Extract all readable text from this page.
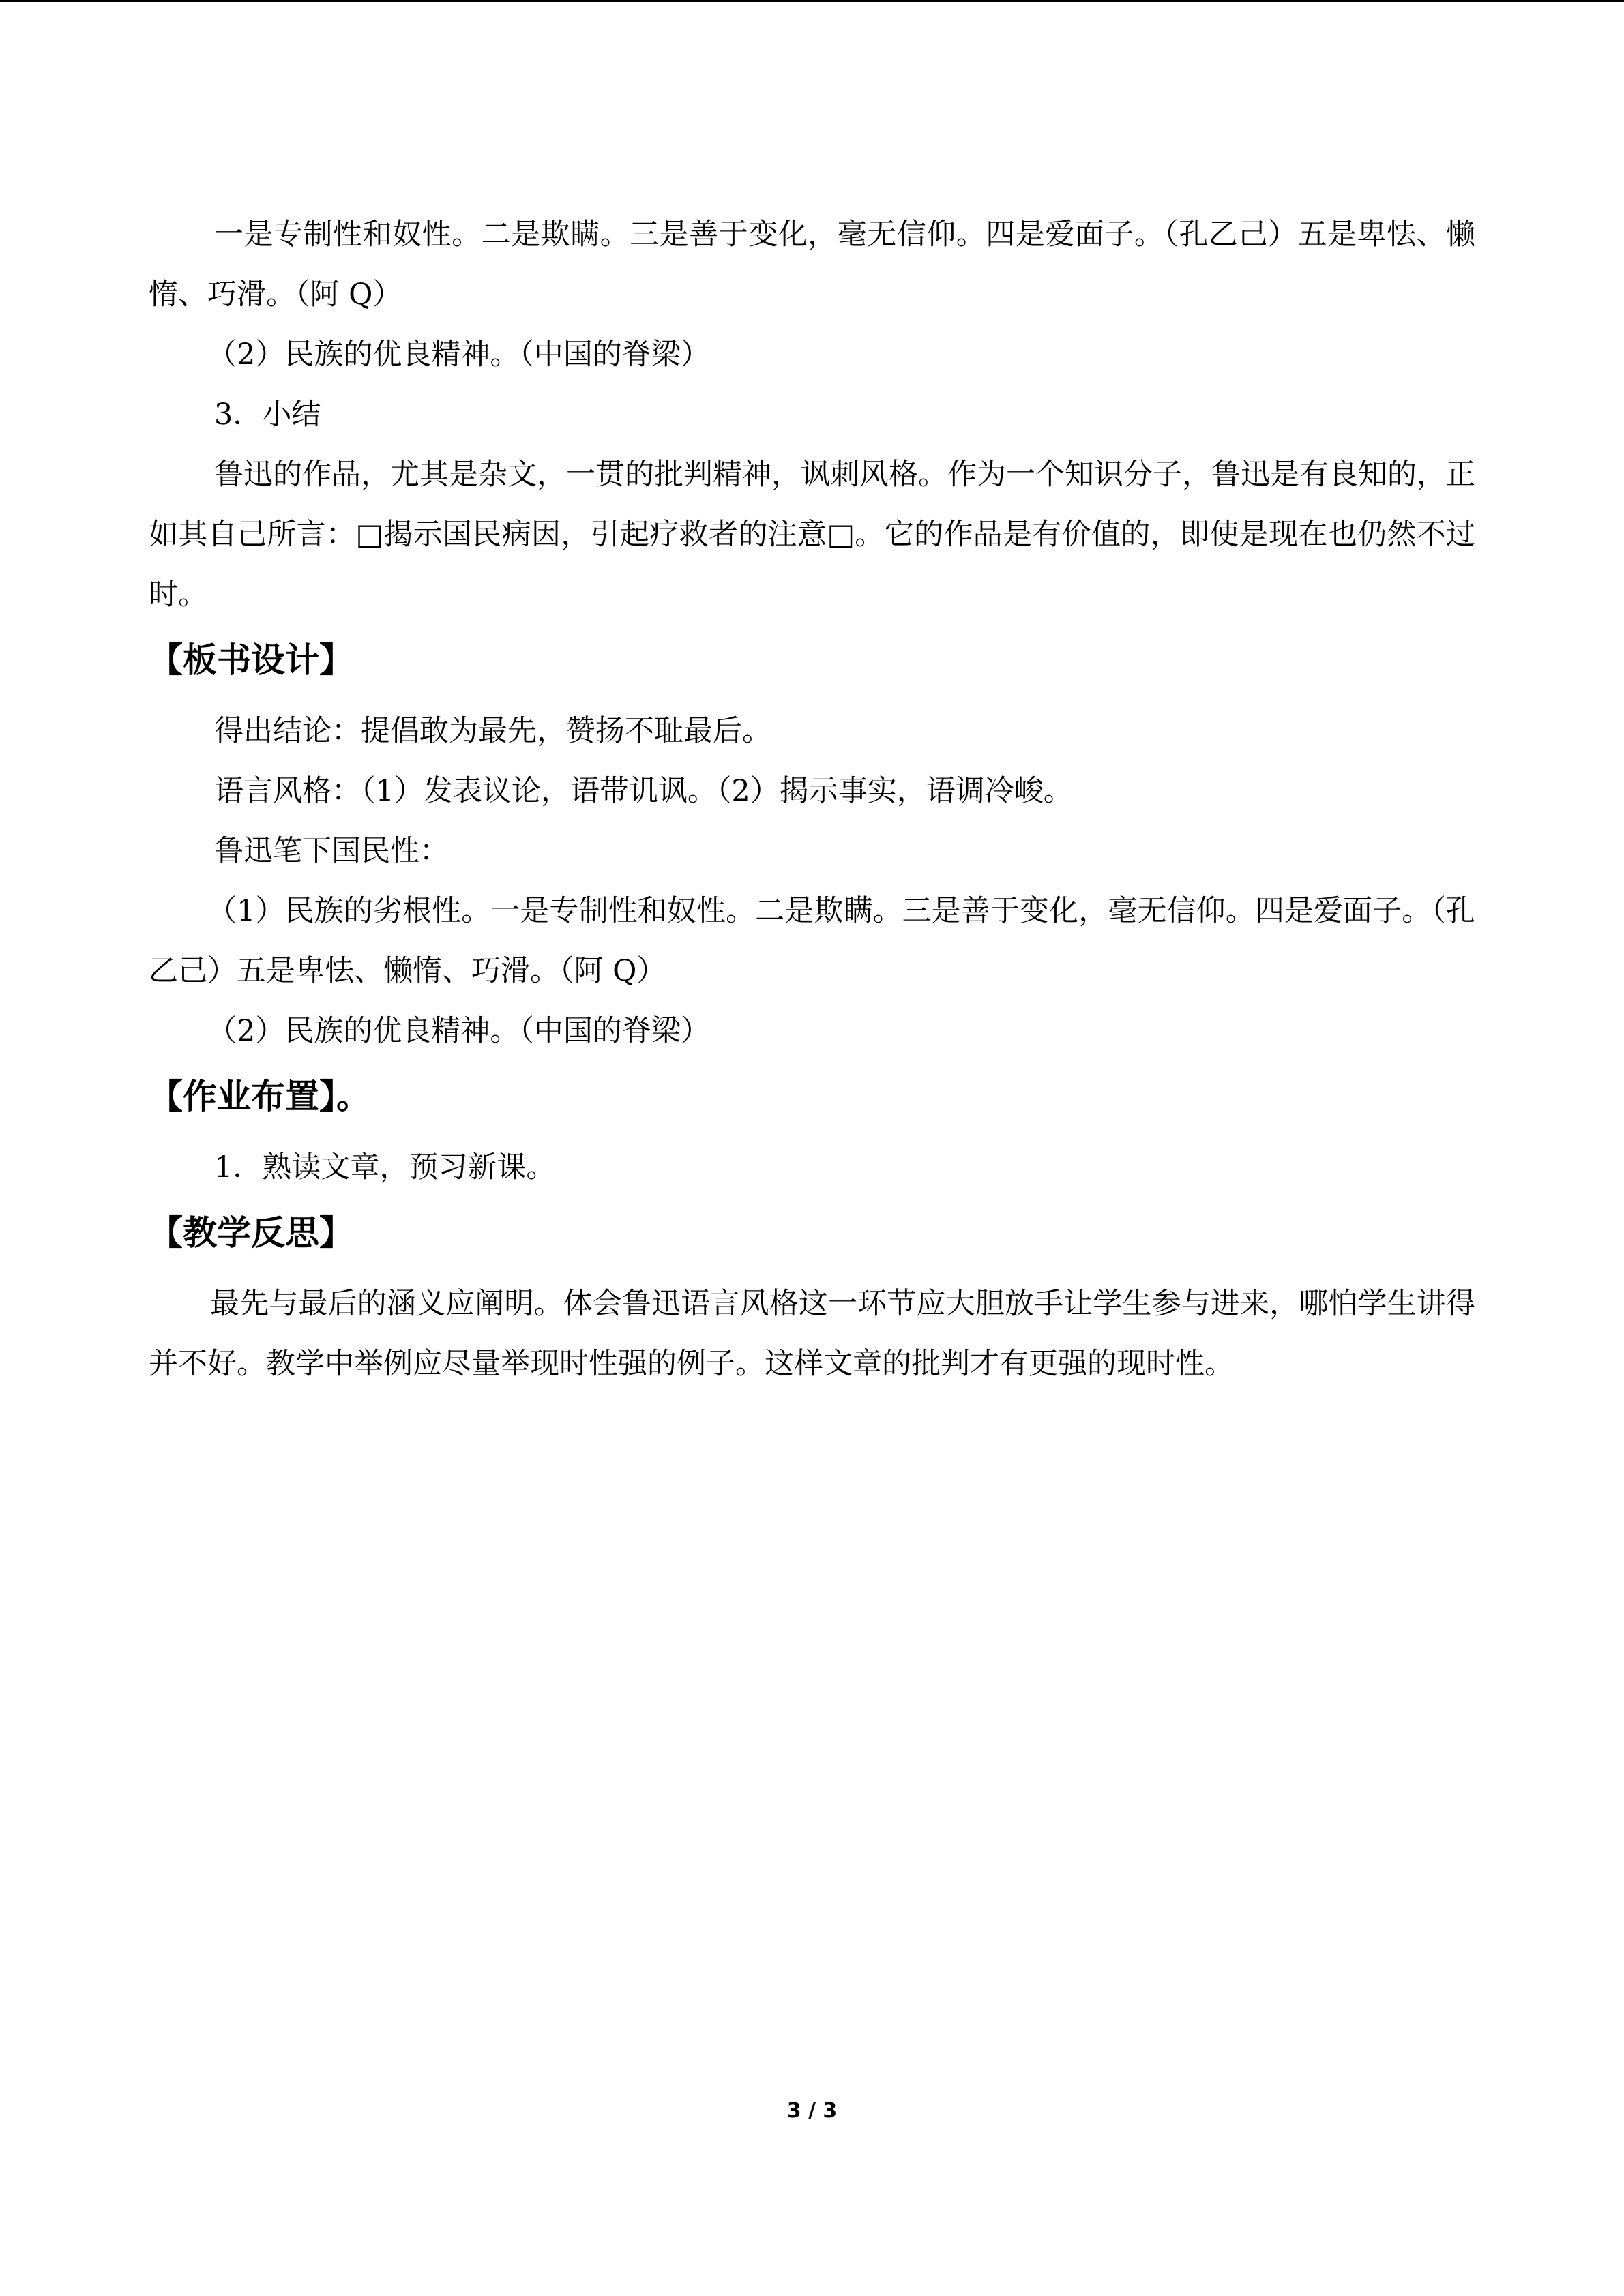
一是专制性和奴性。二是欺瞒。三是善于变化，毫无信仰。四是爱面子。（孔乙己）五是卑怯、懒惰、巧滑。（阿 Q）

（2）民族的优良精神。（中国的脊梁）

3．小结

鲁迅的作品，尤其是杂文，一贯的批判精神，讽刺风格。作为一个知识分子，鲁迅是有良知的，正如其自己所言：□揭示国民病因，引起疗救者的注意□。它的作品是有价值的，即使是现在也仍然不过时。

【板书设计】

得出结论：提倡敢为最先，赞扬不耻最后。

语言风格：（1）发表议论，语带讥讽。（2）揭示事实，语调冷峻。

鲁迅笔下国民性：

（1）民族的劣根性。一是专制性和奴性。二是欺瞒。三是善于变化，毫无信仰。四是爱面子。（孔乙己）五是卑怯、懒惰、巧滑。（阿 Q）

（2）民族的优良精神。（中国的脊梁）

【作业布置】。

1．熟读文章，预习新课。

【教学反思】

最先与最后的涵义应阐明。体会鲁迅语言风格这一环节应大胆放手让学生参与进来，哪怕学生讲得并不好。教学中举例应尽量举现时性强的例子。这样文章的批判才有更强的现时性。

3 / 3
